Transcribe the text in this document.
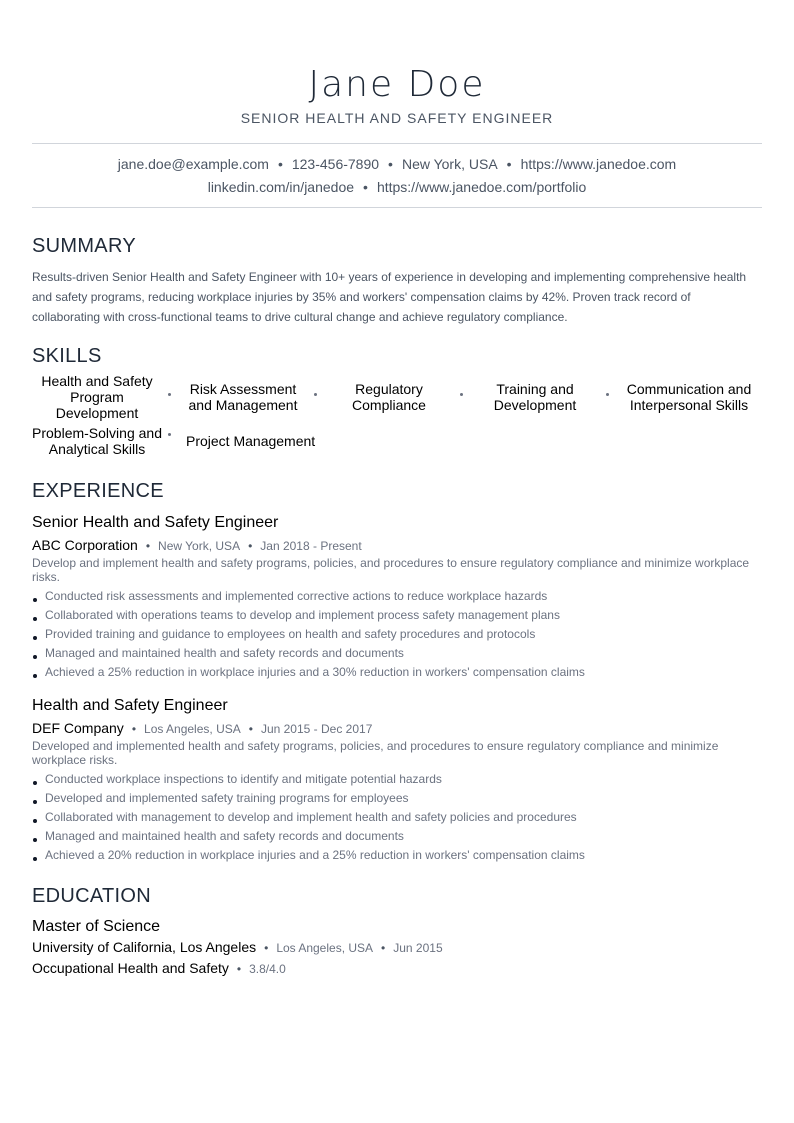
Jane Doe
SENIOR HEALTH AND SAFETY ENGINEER
jane.doe@example.com • 123-456-7890 • New York, USA • https://www.janedoe.com
linkedin.com/in/janedoe • https://www.janedoe.com/portfolio
SUMMARY
Results-driven Senior Health and Safety Engineer with 10+ years of experience in developing and implementing comprehensive health and safety programs, reducing workplace injuries by 35% and workers' compensation claims by 42%. Proven track record of collaborating with cross-functional teams to drive cultural change and achieve regulatory compliance.
SKILLS
Health and Safety Program Development
Risk Assessment and Management
Regulatory Compliance
Training and Development
Communication and Interpersonal Skills
Problem-Solving and Analytical Skills	Project Management
EXPERIENCE
Senior Health and Safety Engineer
ABC Corporation • New York, USA • Jan 2018 - Present
Develop and implement health and safety programs, policies, and procedures to ensure regulatory compliance and minimize workplace risks.
Conducted risk assessments and implemented corrective actions to reduce workplace hazards
Collaborated with operations teams to develop and implement process safety management plans
Provided training and guidance to employees on health and safety procedures and protocols
Managed and maintained health and safety records and documents
Achieved a 25% reduction in workplace injuries and a 30% reduction in workers' compensation claims
Health and Safety Engineer
DEF Company • Los Angeles, USA • Jun 2015 - Dec 2017
Developed and implemented health and safety programs, policies, and procedures to ensure regulatory compliance and minimize workplace risks.
Conducted workplace inspections to identify and mitigate potential hazards
Developed and implemented safety training programs for employees
Collaborated with management to develop and implement health and safety policies and procedures
Managed and maintained health and safety records and documents
Achieved a 20% reduction in workplace injuries and a 25% reduction in workers' compensation claims
EDUCATION
Master of Science
University of California, Los Angeles • Los Angeles, USA • Jun 2015
Occupational Health and Safety • 3.8/4.0
